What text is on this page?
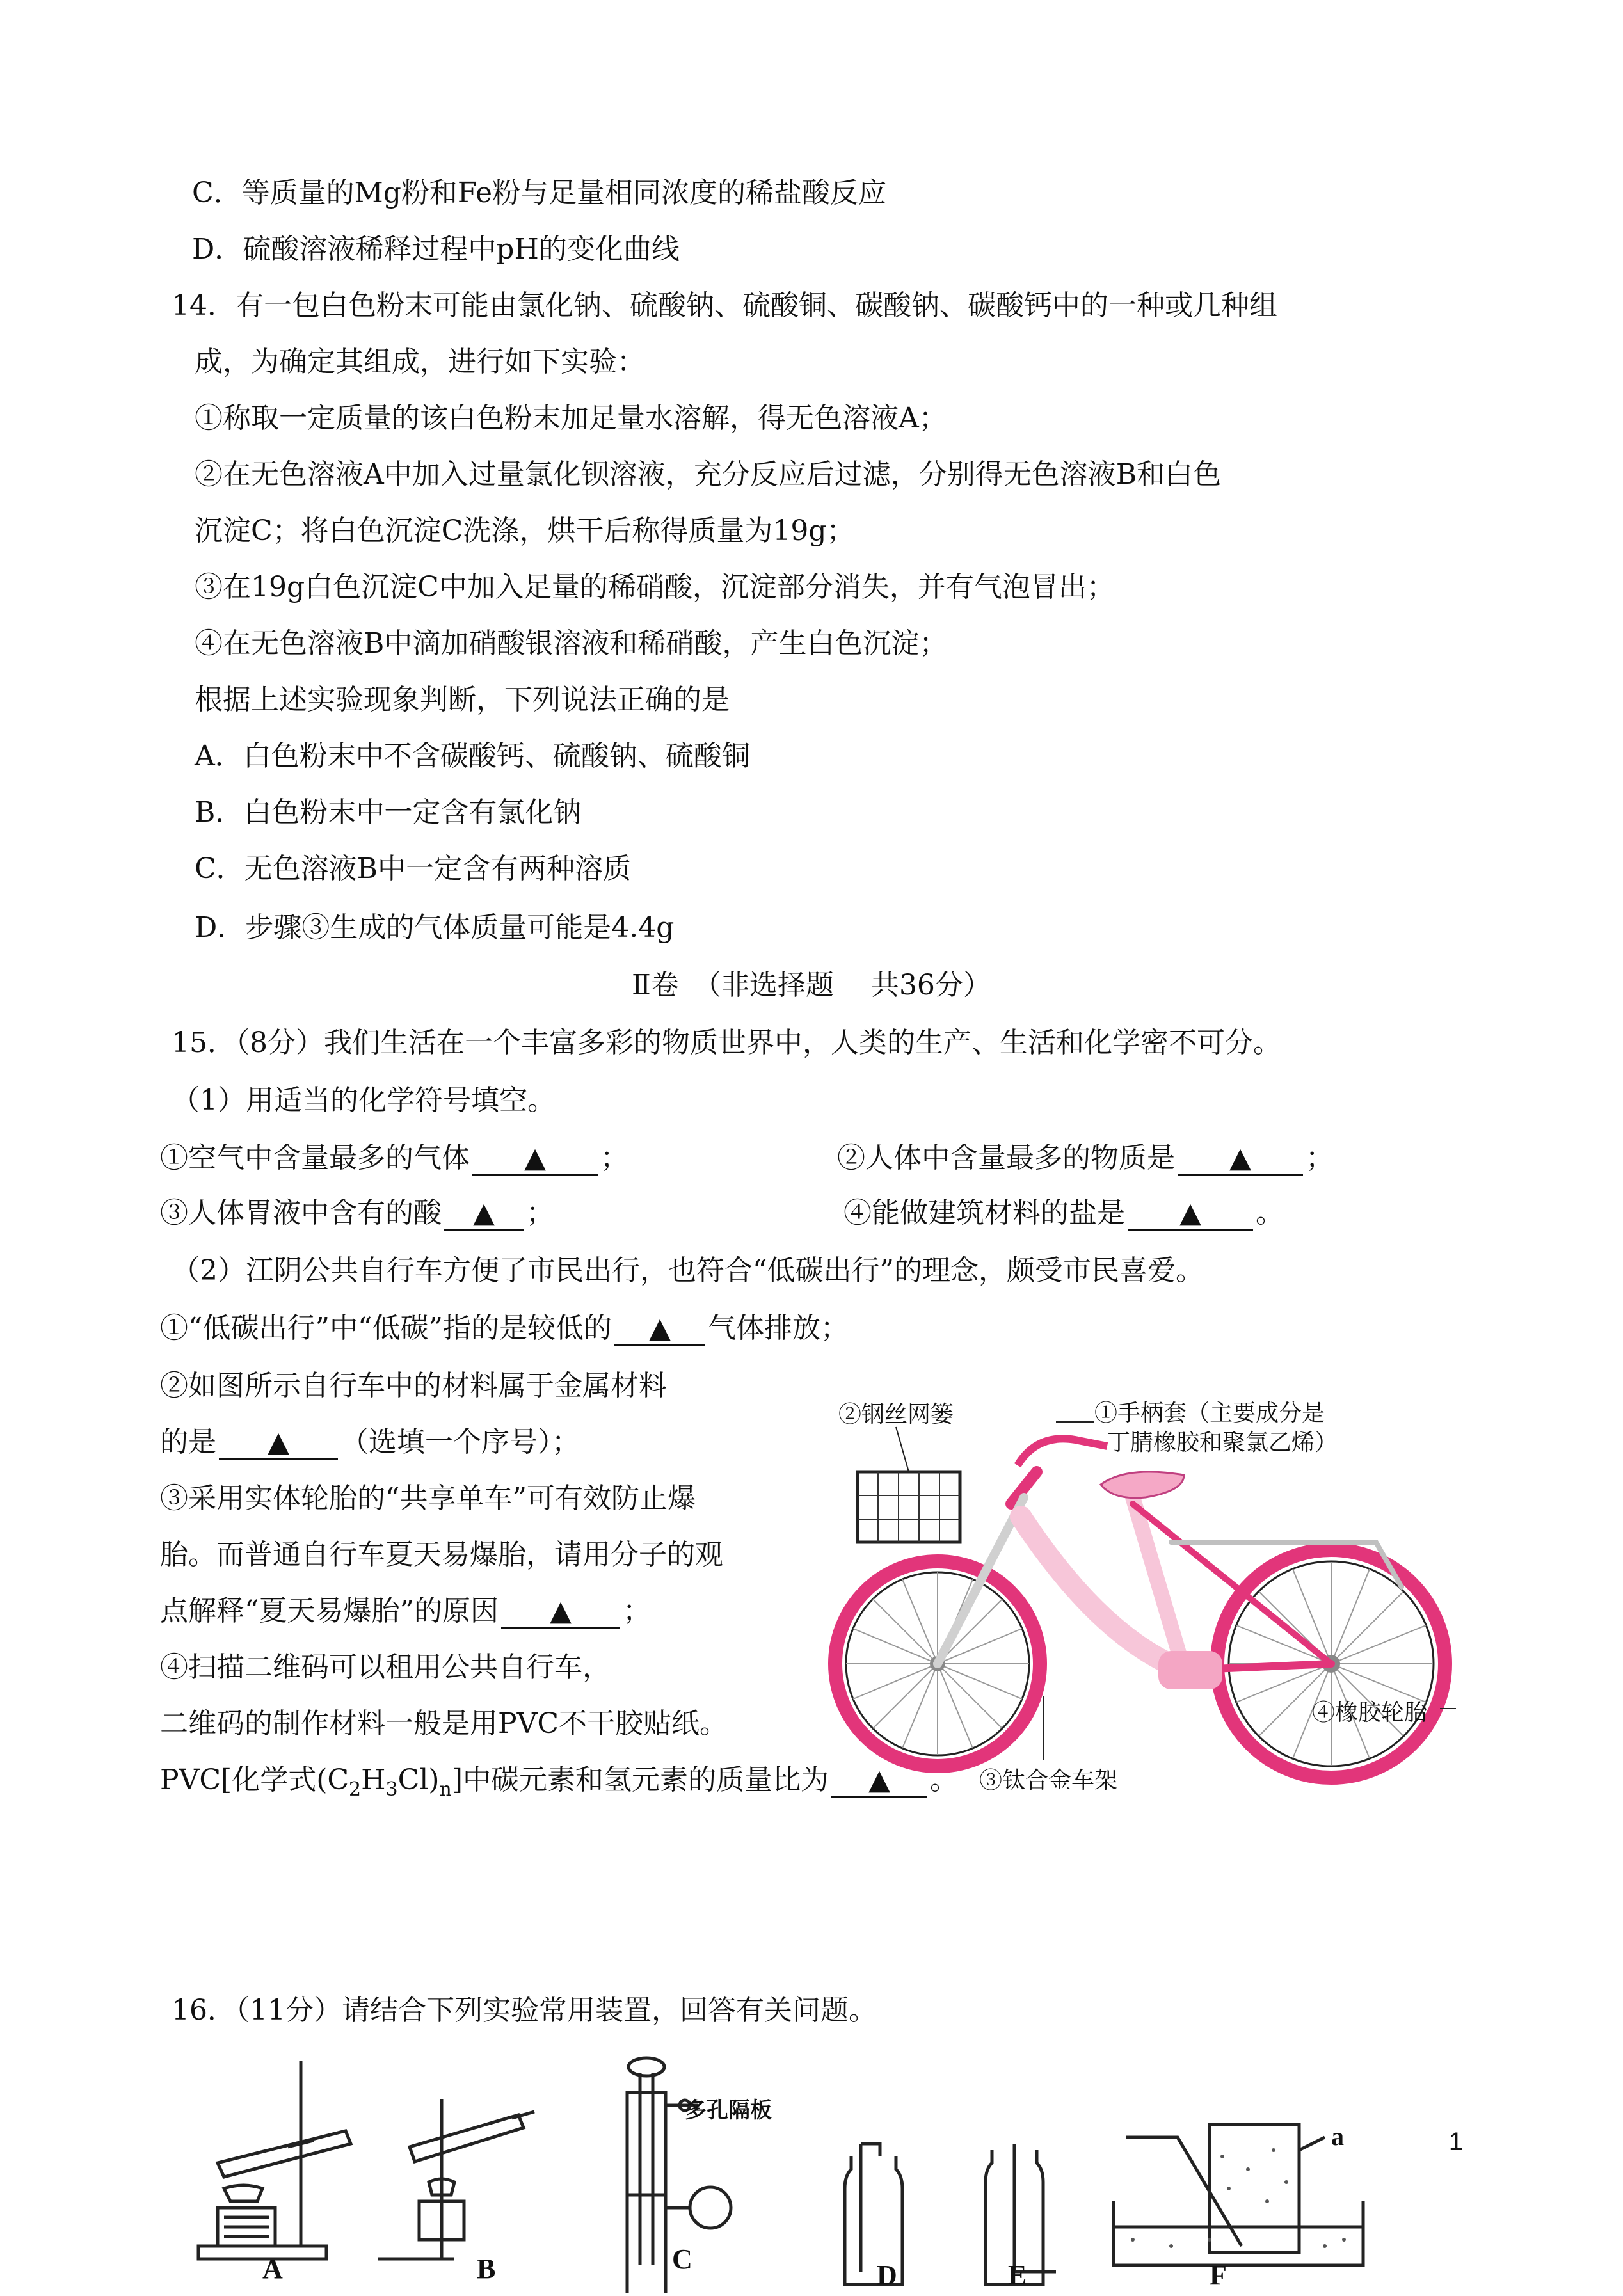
C．等质量的Mg粉和Fe粉与足量相同浓度的稀盐酸反应
D．硫酸溶液稀释过程中pH的变化曲线
14．有一包白色粉末可能由氯化钠、硫酸钠、硫酸铜、碳酸钠、碳酸钙中的一种或几种组
成，为确定其组成，进行如下实验：
①称取一定质量的该白色粉末加足量水溶解，得无色溶液A；
②在无色溶液A中加入过量氯化钡溶液，充分反应后过滤，分别得无色溶液B和白色
沉淀C；将白色沉淀C洗涤，烘干后称得质量为19g；
③在19g白色沉淀C中加入足量的稀硝酸，沉淀部分消失，并有气泡冒出；
④在无色溶液B中滴加硝酸银溶液和稀硝酸，产生白色沉淀；
根据上述实验现象判断，下列说法正确的是
A．白色粉末中不含碳酸钙、硫酸钠、硫酸铜
B．白色粉末中一定含有氯化钠
C．无色溶液B中一定含有两种溶质
D．步骤③生成的气体质量可能是4.4g
Ⅱ卷　（非选择题　 共36分）
15．（8分）我们生活在一个丰富多彩的物质世界中，人类的生产、生活和化学密不可分。
（1）用适当的化学符号填空。
①空气中含量最多的气体 ▲ ；	②人体中含量最多的物质是 ▲ ；
③人体胃液中含有的酸 ▲ ；	④能做建筑材料的盐是 ▲ 。
（2）江阴公共自行车方便了市民出行，也符合“低碳出行”的理念，颇受市民喜爱。
①“低碳出行”中“低碳”指的是较低的 ▲ 气体排放；
②如图所示自行车中的材料属于金属材料
的是 ▲ （选填一个序号）；
③采用实体轮胎的“共享单车”可有效防止爆
胎。而普通自行车夏天易爆胎，请用分子的观
点解释“夏天易爆胎”的原因 ▲ ；
④扫描二维码可以租用公共自行车，
二维码的制作材料一般是用PVC不干胶贴纸。
PVC[化学式$(C_2H_3Cl)_n$]中碳元素和氢元素的质量比为 ▲ 。
②钢丝网篓	①手柄套（主要成分是
丁腈橡胶和聚氯乙烯）
③钛合金车架
④橡胶轮胎
16．（11分）请结合下列实验常用装置，回答有关问题。
多孔隔板
a
A	B	C
D	E	F
1
